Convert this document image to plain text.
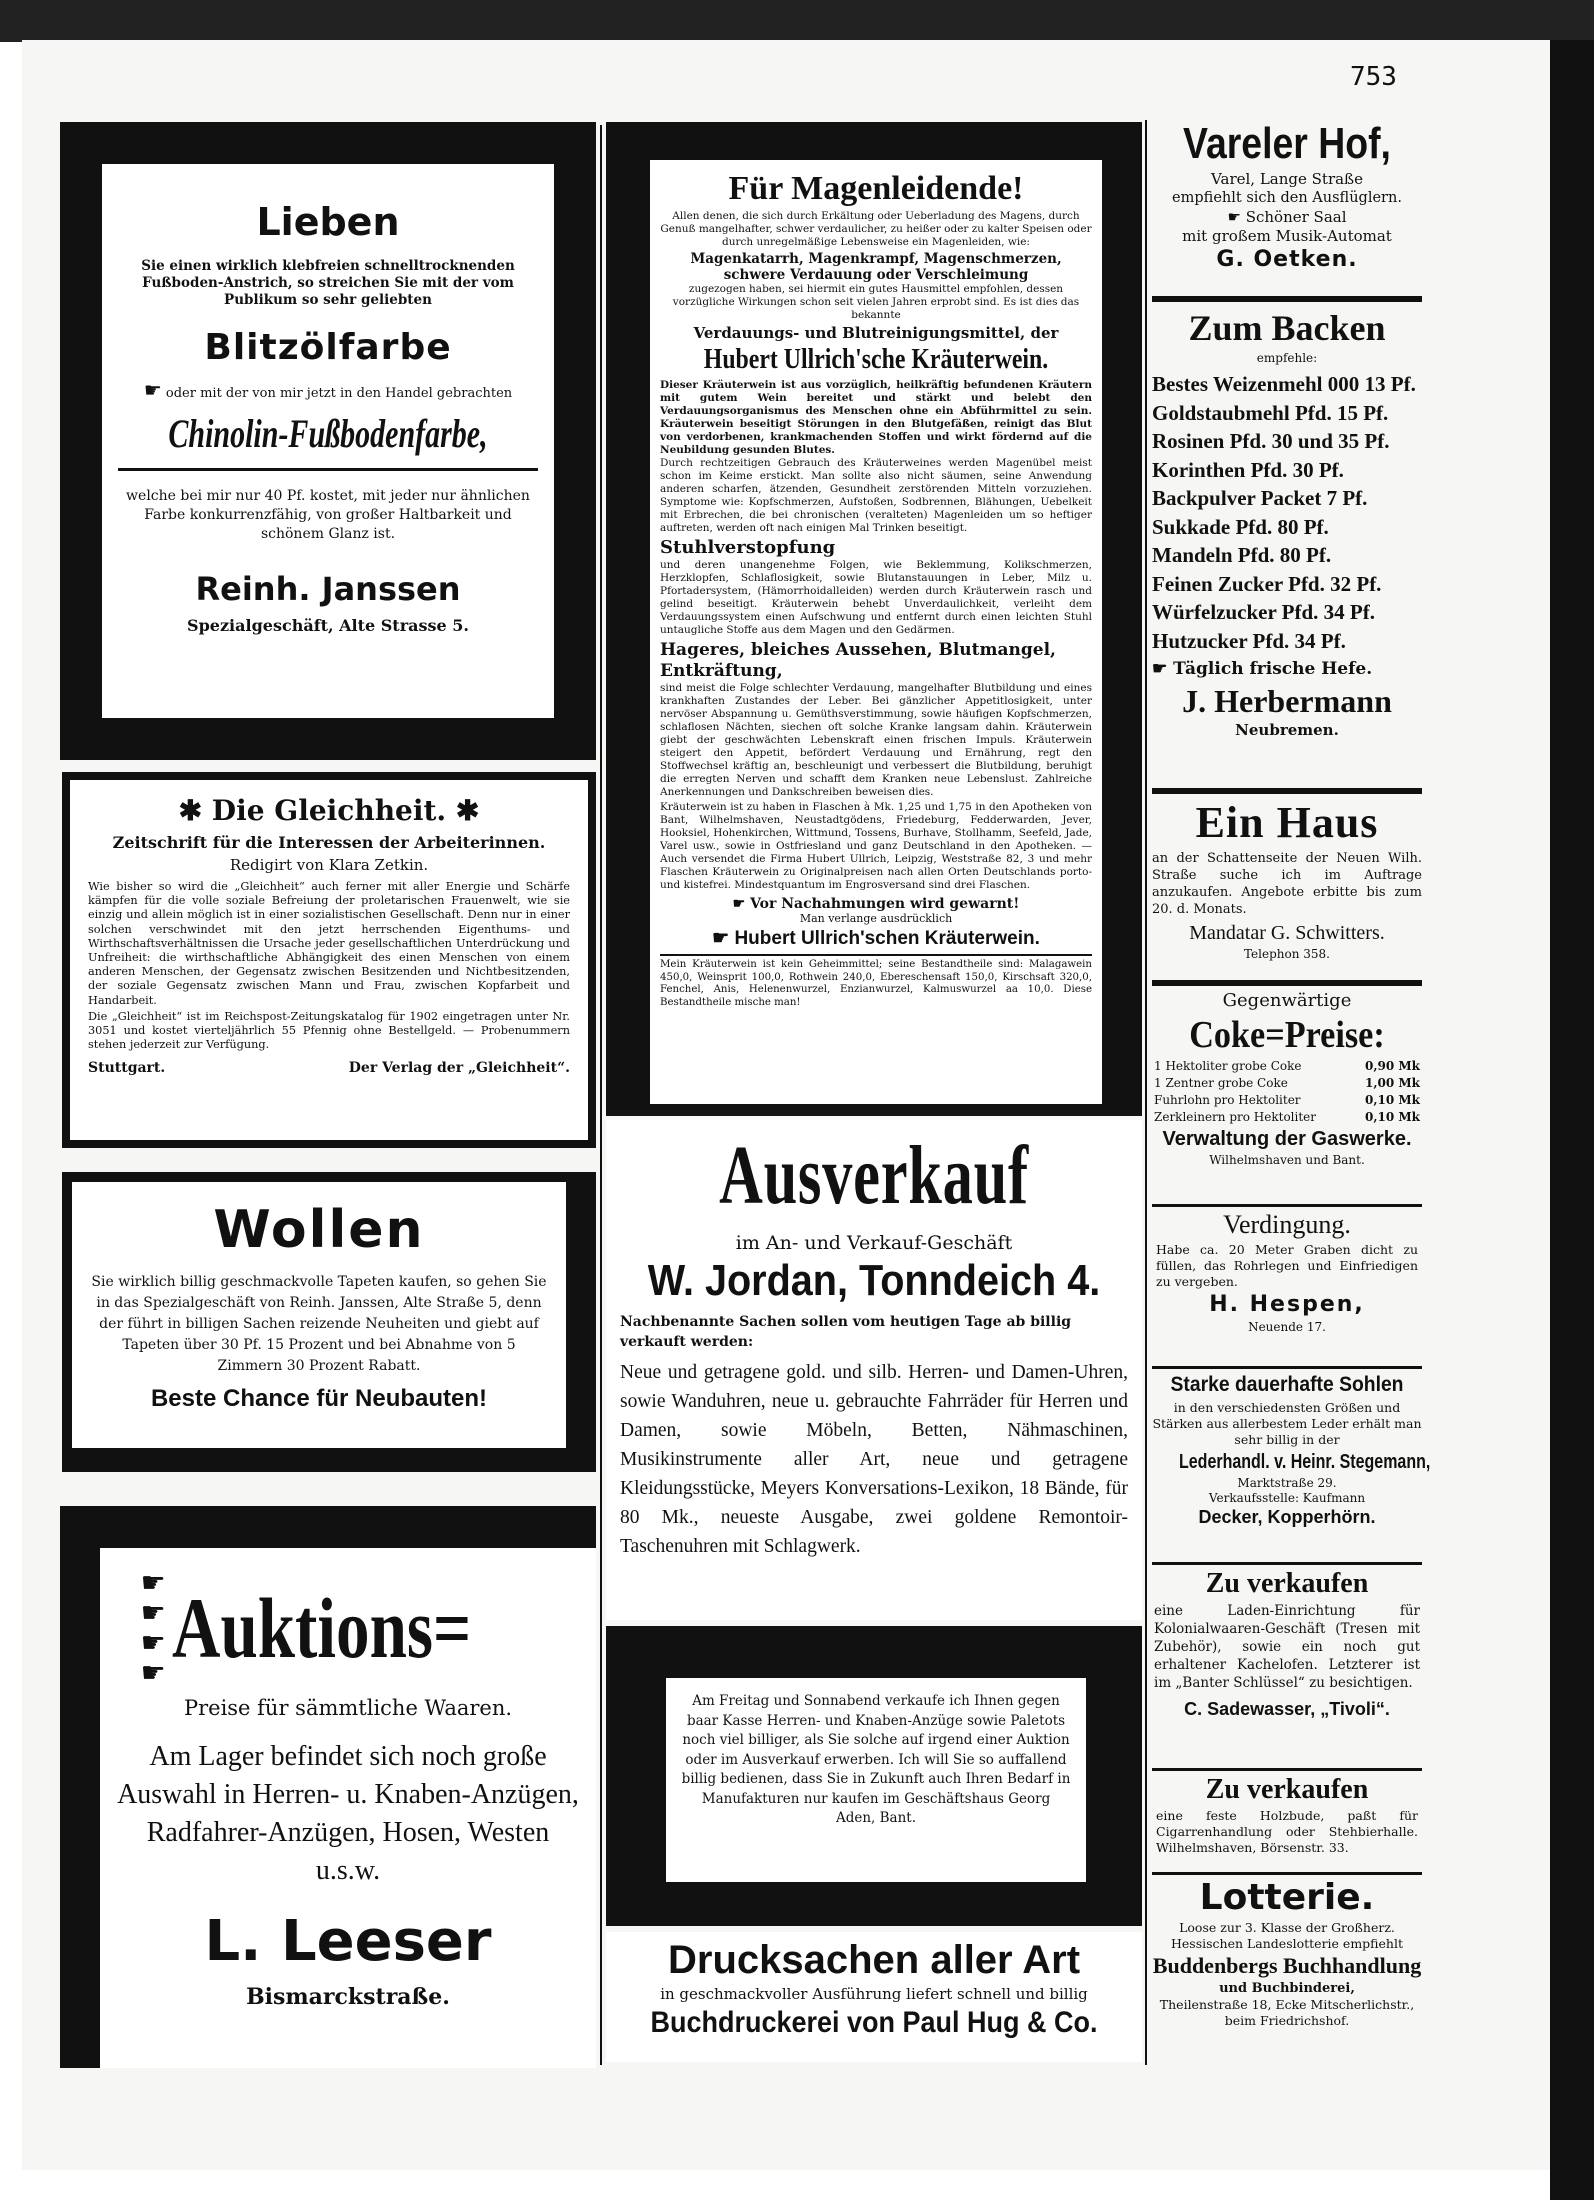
753

Lieben

Sie einen wirklich klebfreien schnelltrocknenden Fußboden-Anstrich, so streichen Sie mit der vom Publikum so sehr geliebten

Blitzölfarbe

☛ oder mit der von mir jetzt in den Handel gebrachten

Chinolin-Fußbodenfarbe,

welche bei mir nur 40 Pf. kostet, mit jeder nur ähnlichen Farbe konkurrenzfähig, von großer Haltbarkeit und schönem Glanz ist.

Reinh. Janssen

Spezialgeschäft, Alte Strasse 5.

✱ Die Gleichheit. ✱

Zeitschrift für die Interessen der Arbeiterinnen.

Redigirt von Klara Zetkin.

Wie bisher so wird die „Gleichheit“ auch ferner mit aller Energie und Schärfe kämpfen für die volle soziale Befreiung der proletarischen Frauenwelt, wie sie einzig und allein möglich ist in einer sozialistischen Gesellschaft. Denn nur in einer solchen verschwindet mit den jetzt herrschenden Eigenthums- und Wirthschaftsverhältnissen die Ursache jeder gesellschaftlichen Unterdrückung und Unfreiheit: die wirthschaftliche Abhängigkeit des einen Menschen von einem anderen Menschen, der Gegensatz zwischen Besitzenden und Nichtbesitzenden, der soziale Gegensatz zwischen Mann und Frau, zwischen Kopfarbeit und Handarbeit.

Die „Gleichheit“ ist im Reichspost-Zeitungskatalog für 1902 eingetragen unter Nr. 3051 und kostet vierteljährlich 55 Pfennig ohne Bestellgeld. — Probenummern stehen jederzeit zur Verfügung.

Stuttgart.	Der Verlag der „Gleichheit“.

Wollen

Sie wirklich billig geschmackvolle Tapeten kaufen, so gehen Sie in das Spezialgeschäft von Reinh. Janssen, Alte Straße 5, denn der führt in billigen Sachen reizende Neuheiten und giebt auf Tapeten über 30 Pf. 15 Prozent und bei Abnahme von 5 Zimmern 30 Prozent Rabatt.

Beste Chance für Neubauten!

☛
☛
☛
☛ Auktions=

Preise für sämmtliche Waaren.

Am Lager befindet sich noch große Auswahl in Herren- u. Knaben-Anzügen, Radfahrer-Anzügen, Hosen, Westen u.s.w.

L. Leeser

Bismarckstraße.

Für Magenleidende!

Allen denen, die sich durch Erkältung oder Ueberladung des Magens, durch Genuß mangelhafter, schwer verdaulicher, zu heißer oder zu kalter Speisen oder durch unregelmäßige Lebensweise ein Magenleiden, wie:

Magenkatarrh, Magenkrampf, Magenschmerzen, schwere Verdauung oder Verschleimung

zugezogen haben, sei hiermit ein gutes Hausmittel empfohlen, dessen vorzügliche Wirkungen schon seit vielen Jahren erprobt sind. Es ist dies das bekannte

Verdauungs- und Blutreinigungsmittel, der

Hubert Ullrich'sche Kräuterwein.

Dieser Kräuterwein ist aus vorzüglich, heilkräftig befundenen Kräutern mit gutem Wein bereitet und stärkt und belebt den Verdauungsorganismus des Menschen ohne ein Abführmittel zu sein. Kräuterwein beseitigt Störungen in den Blutgefäßen, reinigt das Blut von verdorbenen, krankmachenden Stoffen und wirkt fördernd auf die Neubildung gesunden Blutes.

Durch rechtzeitigen Gebrauch des Kräuterweines werden Magenübel meist schon im Keime erstickt. Man sollte also nicht säumen, seine Anwendung anderen scharfen, ätzenden, Gesundheit zerstörenden Mitteln vorzuziehen. Symptome wie: Kopfschmerzen, Aufstoßen, Sodbrennen, Blähungen, Uebelkeit mit Erbrechen, die bei chronischen (veralteten) Magenleiden um so heftiger auftreten, werden oft nach einigen Mal Trinken beseitigt.

Stuhlverstopfung

und deren unangenehme Folgen, wie Beklemmung, Kolikschmerzen, Herzklopfen, Schlaflosigkeit, sowie Blutanstauungen in Leber, Milz u. Pfortadersystem, (Hämorrhoidalleiden) werden durch Kräuterwein rasch und gelind beseitigt. Kräuterwein behebt Unverdaulichkeit, verleiht dem Verdauungssystem einen Aufschwung und entfernt durch einen leichten Stuhl untaugliche Stoffe aus dem Magen und den Gedärmen.

Hageres, bleiches Aussehen, Blutmangel, Entkräftung,

sind meist die Folge schlechter Verdauung, mangelhafter Blutbildung und eines krankhaften Zustandes der Leber. Bei gänzlicher Appetitlosigkeit, unter nervöser Abspannung u. Gemüthsverstimmung, sowie häufigen Kopfschmerzen, schlaflosen Nächten, siechen oft solche Kranke langsam dahin. Kräuterwein giebt der geschwächten Lebenskraft einen frischen Impuls. Kräuterwein steigert den Appetit, befördert Verdauung und Ernährung, regt den Stoffwechsel kräftig an, beschleunigt und verbessert die Blutbildung, beruhigt die erregten Nerven und schafft dem Kranken neue Lebenslust. Zahlreiche Anerkennungen und Dankschreiben beweisen dies.

Kräuterwein ist zu haben in Flaschen à Mk. 1,25 und 1,75 in den Apotheken von Bant, Wilhelmshaven, Neustadtgödens, Friedeburg, Fedderwarden, Jever, Hooksiel, Hohenkirchen, Wittmund, Tossens, Burhave, Stollhamm, Seefeld, Jade, Varel usw., sowie in Ostfriesland und ganz Deutschland in den Apotheken. — Auch versendet die Firma Hubert Ullrich, Leipzig, Weststraße 82, 3 und mehr Flaschen Kräuterwein zu Originalpreisen nach allen Orten Deutschlands porto- und kistefrei. Mindestquantum im Engrosversand sind drei Flaschen.

☛ Vor Nachahmungen wird gewarnt!

Man verlange ausdrücklich

☛ Hubert Ullrich'schen Kräuterwein.

Mein Kräuterwein ist kein Geheimmittel; seine Bestandtheile sind: Malagawein 450,0, Weinsprit 100,0, Rothwein 240,0, Ebereschensaft 150,0, Kirschsaft 320,0, Fenchel, Anis, Helenenwurzel, Enzianwurzel, Kalmuswurzel aa 10,0. Diese Bestandtheile mische man!

Ausverkauf

im An- und Verkauf-Geschäft

W. Jordan, Tonndeich 4.

Nachbenannte Sachen sollen vom heutigen Tage ab billig verkauft werden:

Neue und getragene gold. und silb. Herren- und Damen-Uhren, sowie Wanduhren, neue u. gebrauchte Fahrräder für Herren und Damen, sowie Möbeln, Betten, Nähmaschinen, Musikinstrumente aller Art, neue und getragene Kleidungsstücke, Meyers Konversations-Lexikon, 18 Bände, für 80 Mk., neueste Ausgabe, zwei goldene Remontoir-Taschenuhren mit Schlagwerk.

Am Freitag und Sonnabend verkaufe ich Ihnen gegen baar Kasse Herren- und Knaben-Anzüge sowie Paletots noch viel billiger, als Sie solche auf irgend einer Auktion oder im Ausverkauf erwerben. Ich will Sie so auffallend billig bedienen, dass Sie in Zukunft auch Ihren Bedarf in Manufakturen nur kaufen im Geschäftshaus Georg Aden, Bant.

Drucksachen aller Art

in geschmackvoller Ausführung liefert schnell und billig

Buchdruckerei von Paul Hug & Co.

Vareler Hof,

Varel, Lange Straße

empfiehlt sich den Ausflüglern.

☛ Schöner Saal

mit großem Musik-Automat

G. Oetken.

Zum Backen

empfehle:

Bestes Weizenmehl 000 13 Pf.

Goldstaubmehl Pfd. 15 Pf.

Rosinen Pfd. 30 und 35 Pf.

Korinthen Pfd. 30 Pf.

Backpulver Packet 7 Pf.

Sukkade Pfd. 80 Pf.

Mandeln Pfd. 80 Pf.

Feinen Zucker Pfd. 32 Pf.

Würfelzucker Pfd. 34 Pf.

Hutzucker Pfd. 34 Pf.

☛ Täglich frische Hefe.

J. Herbermann

Neubremen.

Ein Haus

an der Schattenseite der Neuen Wilh. Straße suche ich im Auftrage anzukaufen. Angebote erbitte bis zum 20. d. Monats.

Mandatar G. Schwitters.

Telephon 358.

Gegenwärtige

Coke=Preise:

1 Hektoliter grobe Coke	0,90 Mk
1 Zentner grobe Coke	1,00 Mk
Fuhrlohn pro Hektoliter	0,10 Mk
Zerkleinern pro Hektoliter	0,10 Mk

Verwaltung der Gaswerke.

Wilhelmshaven und Bant.

Verdingung.

Habe ca. 20 Meter Graben dicht zu füllen, das Rohrlegen und Einfriedigen zu vergeben.

H. Hespen,

Neuende 17.

Starke dauerhafte Sohlen

in den verschiedensten Größen und Stärken aus allerbestem Leder erhält man sehr billig in der

Lederhandl. v. Heinr. Stegemann,

Marktstraße 29.

Verkaufsstelle: Kaufmann

Decker, Kopperhörn.

Zu verkaufen

eine Laden-Einrichtung für Kolonialwaaren-Geschäft (Tresen mit Zubehör), sowie ein noch gut erhaltener Kachelofen. Letzterer ist im „Banter Schlüssel“ zu besichtigen.

C. Sadewasser, „Tivoli“.

Zu verkaufen

eine feste Holzbude, paßt für Cigarrenhandlung oder Stehbierhalle. Wilhelmshaven, Börsenstr. 33.

Lotterie.

Loose zur 3. Klasse der Großherz. Hessischen Landeslotterie empfiehlt

Buddenbergs Buchhandlung

und Buchbinderei,

Theilenstraße 18, Ecke Mitscherlichstr., beim Friedrichshof.
